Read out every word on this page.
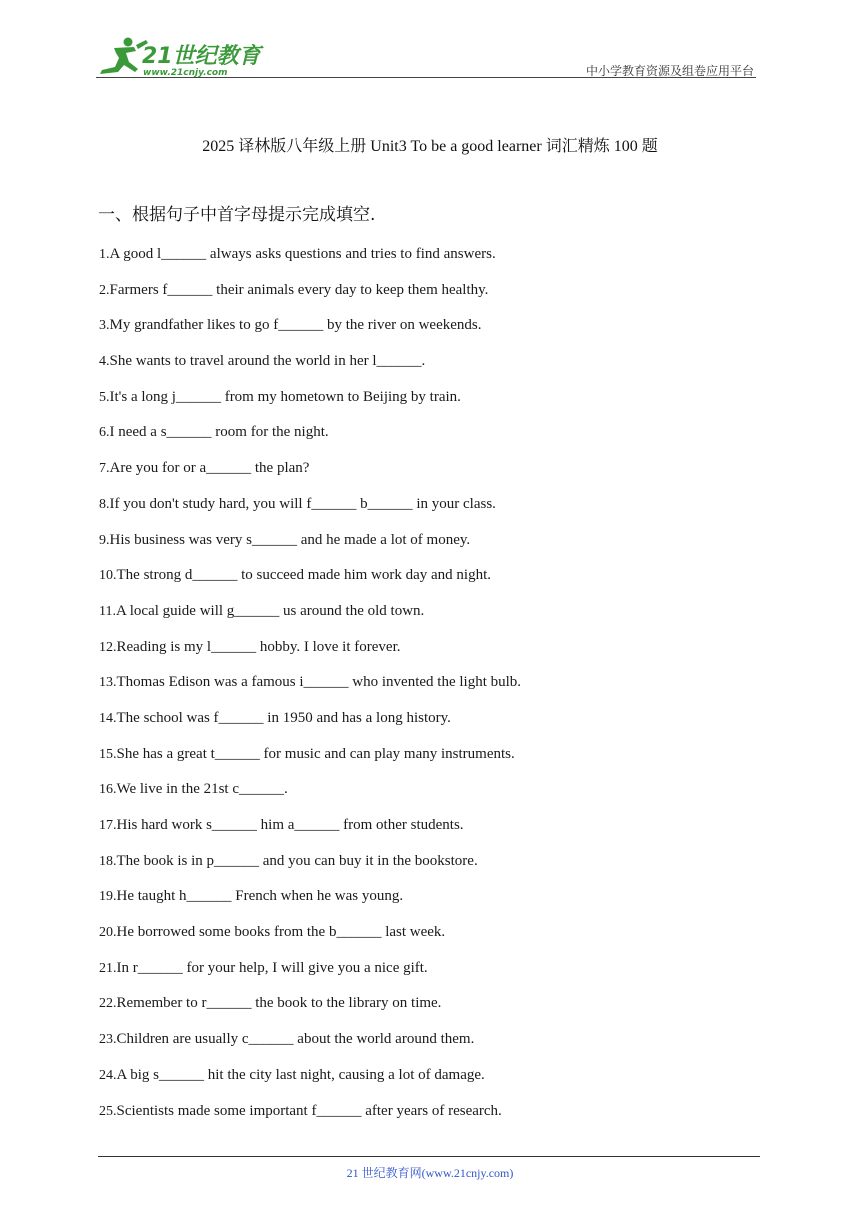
21世纪教育
www.21cnjy.com	中小学教育资源及组卷应用平台
2025 译林版八年级上册 Unit3 To be a good learner 词汇精炼 100 题
一、根据句子中首字母提示完成填空.
1.A good l______ always asks questions and tries to find answers.
2.Farmers f______ their animals every day to keep them healthy.
3.My grandfather likes to go f______ by the river on weekends.
4.She wants to travel around the world in her l______.
5.It's a long j______ from my hometown to Beijing by train.
6.I need a s______ room for the night.
7.Are you for or a______ the plan?
8.If you don't study hard, you will f______ b______ in your class.
9.His business was very s______ and he made a lot of money.
10.The strong d______ to succeed made him work day and night.
11.A local guide will g______ us around the old town.
12.Reading is my l______ hobby. I love it forever.
13.Thomas Edison was a famous i______ who invented the light bulb.
14.The school was f______ in 1950 and has a long history.
15.She has a great t______ for music and can play many instruments.
16.We live in the 21st c______.
17.His hard work s______ him a______ from other students.
18.The book is in p______ and you can buy it in the bookstore.
19.He taught h______ French when he was young.
20.He borrowed some books from the b______ last week.
21.In r______ for your help, I will give you a nice gift.
22.Remember to r______ the book to the library on time.
23.Children are usually c______ about the world around them.
24.A big s______ hit the city last night, causing a lot of damage.
25.Scientists made some important f______ after years of research.
21 世纪教育网(www.21cnjy.com)
